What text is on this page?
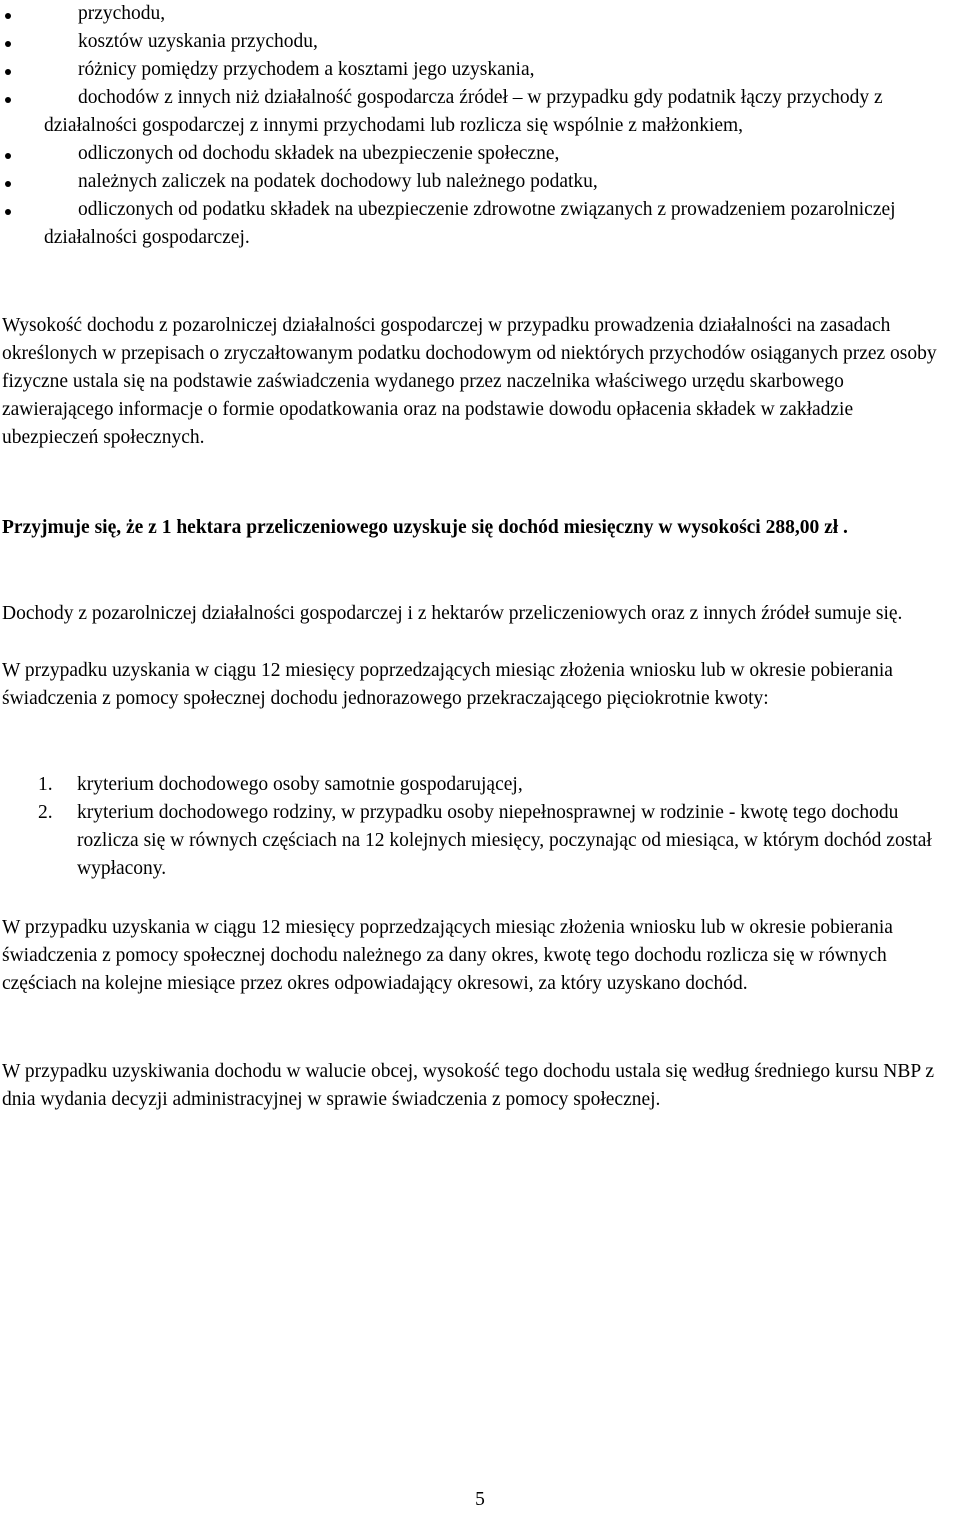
przychodu,

kosztów uzyskania przychodu,

różnicy pomiędzy przychodem a kosztami jego uzyskania,

dochodów z innych niż działalność gospodarcza źródeł – w przypadku gdy podatnik łączy przychody z działalności gospodarczej z innymi przychodami lub rozlicza się wspólnie z małżonkiem,

odliczonych od dochodu składek na ubezpieczenie społeczne,

należnych zaliczek na podatek dochodowy lub należnego podatku,

odliczonych od podatku składek na ubezpieczenie zdrowotne związanych z prowadzeniem pozarolniczej działalności gospodarczej.

Wysokość dochodu z pozarolniczej działalności gospodarczej w przypadku prowadzenia działalności na zasadach określonych w przepisach o zryczałtowanym podatku dochodowym od niektórych przychodów osiąganych przez osoby fizyczne ustala się na podstawie zaświadczenia wydanego przez naczelnika właściwego urzędu skarbowego zawierającego informacje o formie opodatkowania oraz na podstawie dowodu opłacenia składek w zakładzie ubezpieczeń społecznych.

Przyjmuje się, że z 1 hektara przeliczeniowego uzyskuje się dochód miesięczny w wysokości 288,00 zł .

Dochody z pozarolniczej działalności gospodarczej i z hektarów przeliczeniowych oraz z innych źródeł sumuje się.

W przypadku uzyskania w ciągu 12 miesięcy poprzedzających miesiąc złożenia wniosku lub w okresie pobierania świadczenia z pomocy społecznej dochodu jednorazowego przekraczającego pięciokrotnie kwoty:

1. kryterium dochodowego osoby samotnie gospodarującej,

2. kryterium dochodowego rodziny, w przypadku osoby niepełnosprawnej w rodzinie - kwotę tego dochodu rozlicza się w równych częściach na 12 kolejnych miesięcy, poczynając od miesiąca, w którym dochód został wypłacony.

W przypadku uzyskania w ciągu 12 miesięcy poprzedzających miesiąc złożenia wniosku lub w okresie pobierania świadczenia z pomocy społecznej dochodu należnego za dany okres, kwotę tego dochodu rozlicza się w równych częściach na kolejne miesiące przez okres odpowiadający okresowi, za który uzyskano dochód.

W przypadku uzyskiwania dochodu w walucie obcej, wysokość tego dochodu ustala się według średniego kursu NBP z dnia wydania decyzji administracyjnej w sprawie świadczenia z pomocy społecznej.

5
